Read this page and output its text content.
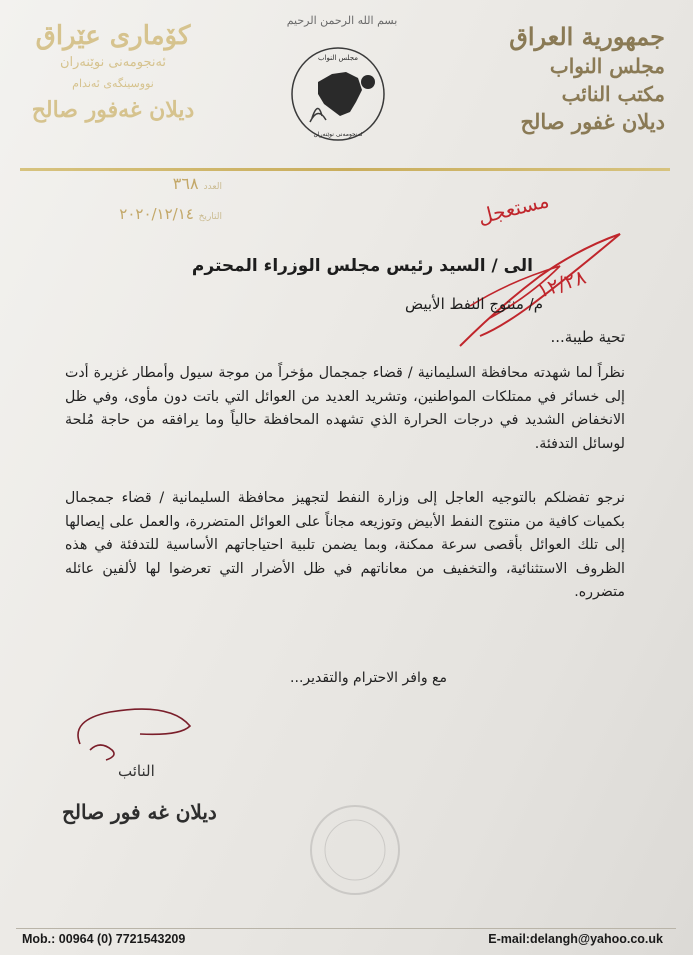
بسم الله الرحمن الرحيم
جمهورية العراق
مجلس النواب
مكتب النائب
ديلان غفور صالح
كۆماری عێراق
ئەنجومەنی نوێنەران
نووسینگەی ئەندام
دیلان غەفور صالح
مجلس النواب
ئەنجومەنی نوێنەران
العدد ٣٦٨
التاريخ ٢٠٢٠/١٢/١٤	مستعجل
١٢/٢٨
الى / السيد رئيس مجلس الوزراء المحترم
م/ منتوج النفط الأبيض
تحية طيبة...
نظراً لما شهدته محافظة السليمانية / قضاء جمجمال مؤخراً من موجة سيول وأمطار غزيرة أدت إلى خسائر في ممتلكات المواطنين، وتشريد العديد من العوائل التي باتت دون مأوى، وفي ظل الانخفاض الشديد في درجات الحرارة الذي تشهده المحافظة حالياً وما يرافقه من حاجة مُلحة لوسائل التدفئة.
نرجو تفضلكم بالتوجيه العاجل إلى وزارة النفط لتجهيز محافظة السليمانية / قضاء جمجمال بكميات كافية من منتوج النفط الأبيض وتوزيعه مجاناً على العوائل المتضررة، والعمل على إيصالها إلى تلك العوائل بأقصى سرعة ممكنة، وبما يضمن تلبية احتياجاتهم الأساسية للتدفئة في هذه الظروف الاستثنائية، والتخفيف من معاناتهم في ظل الأضرار التي تعرضوا لها لألفين عائله متضرره.
مع وافر الاحترام والتقدير...
النائب
ديلان غه فور صالح
Mob.: 00964 (0) 7721543209	E-mail:delangh@yahoo.co.uk
